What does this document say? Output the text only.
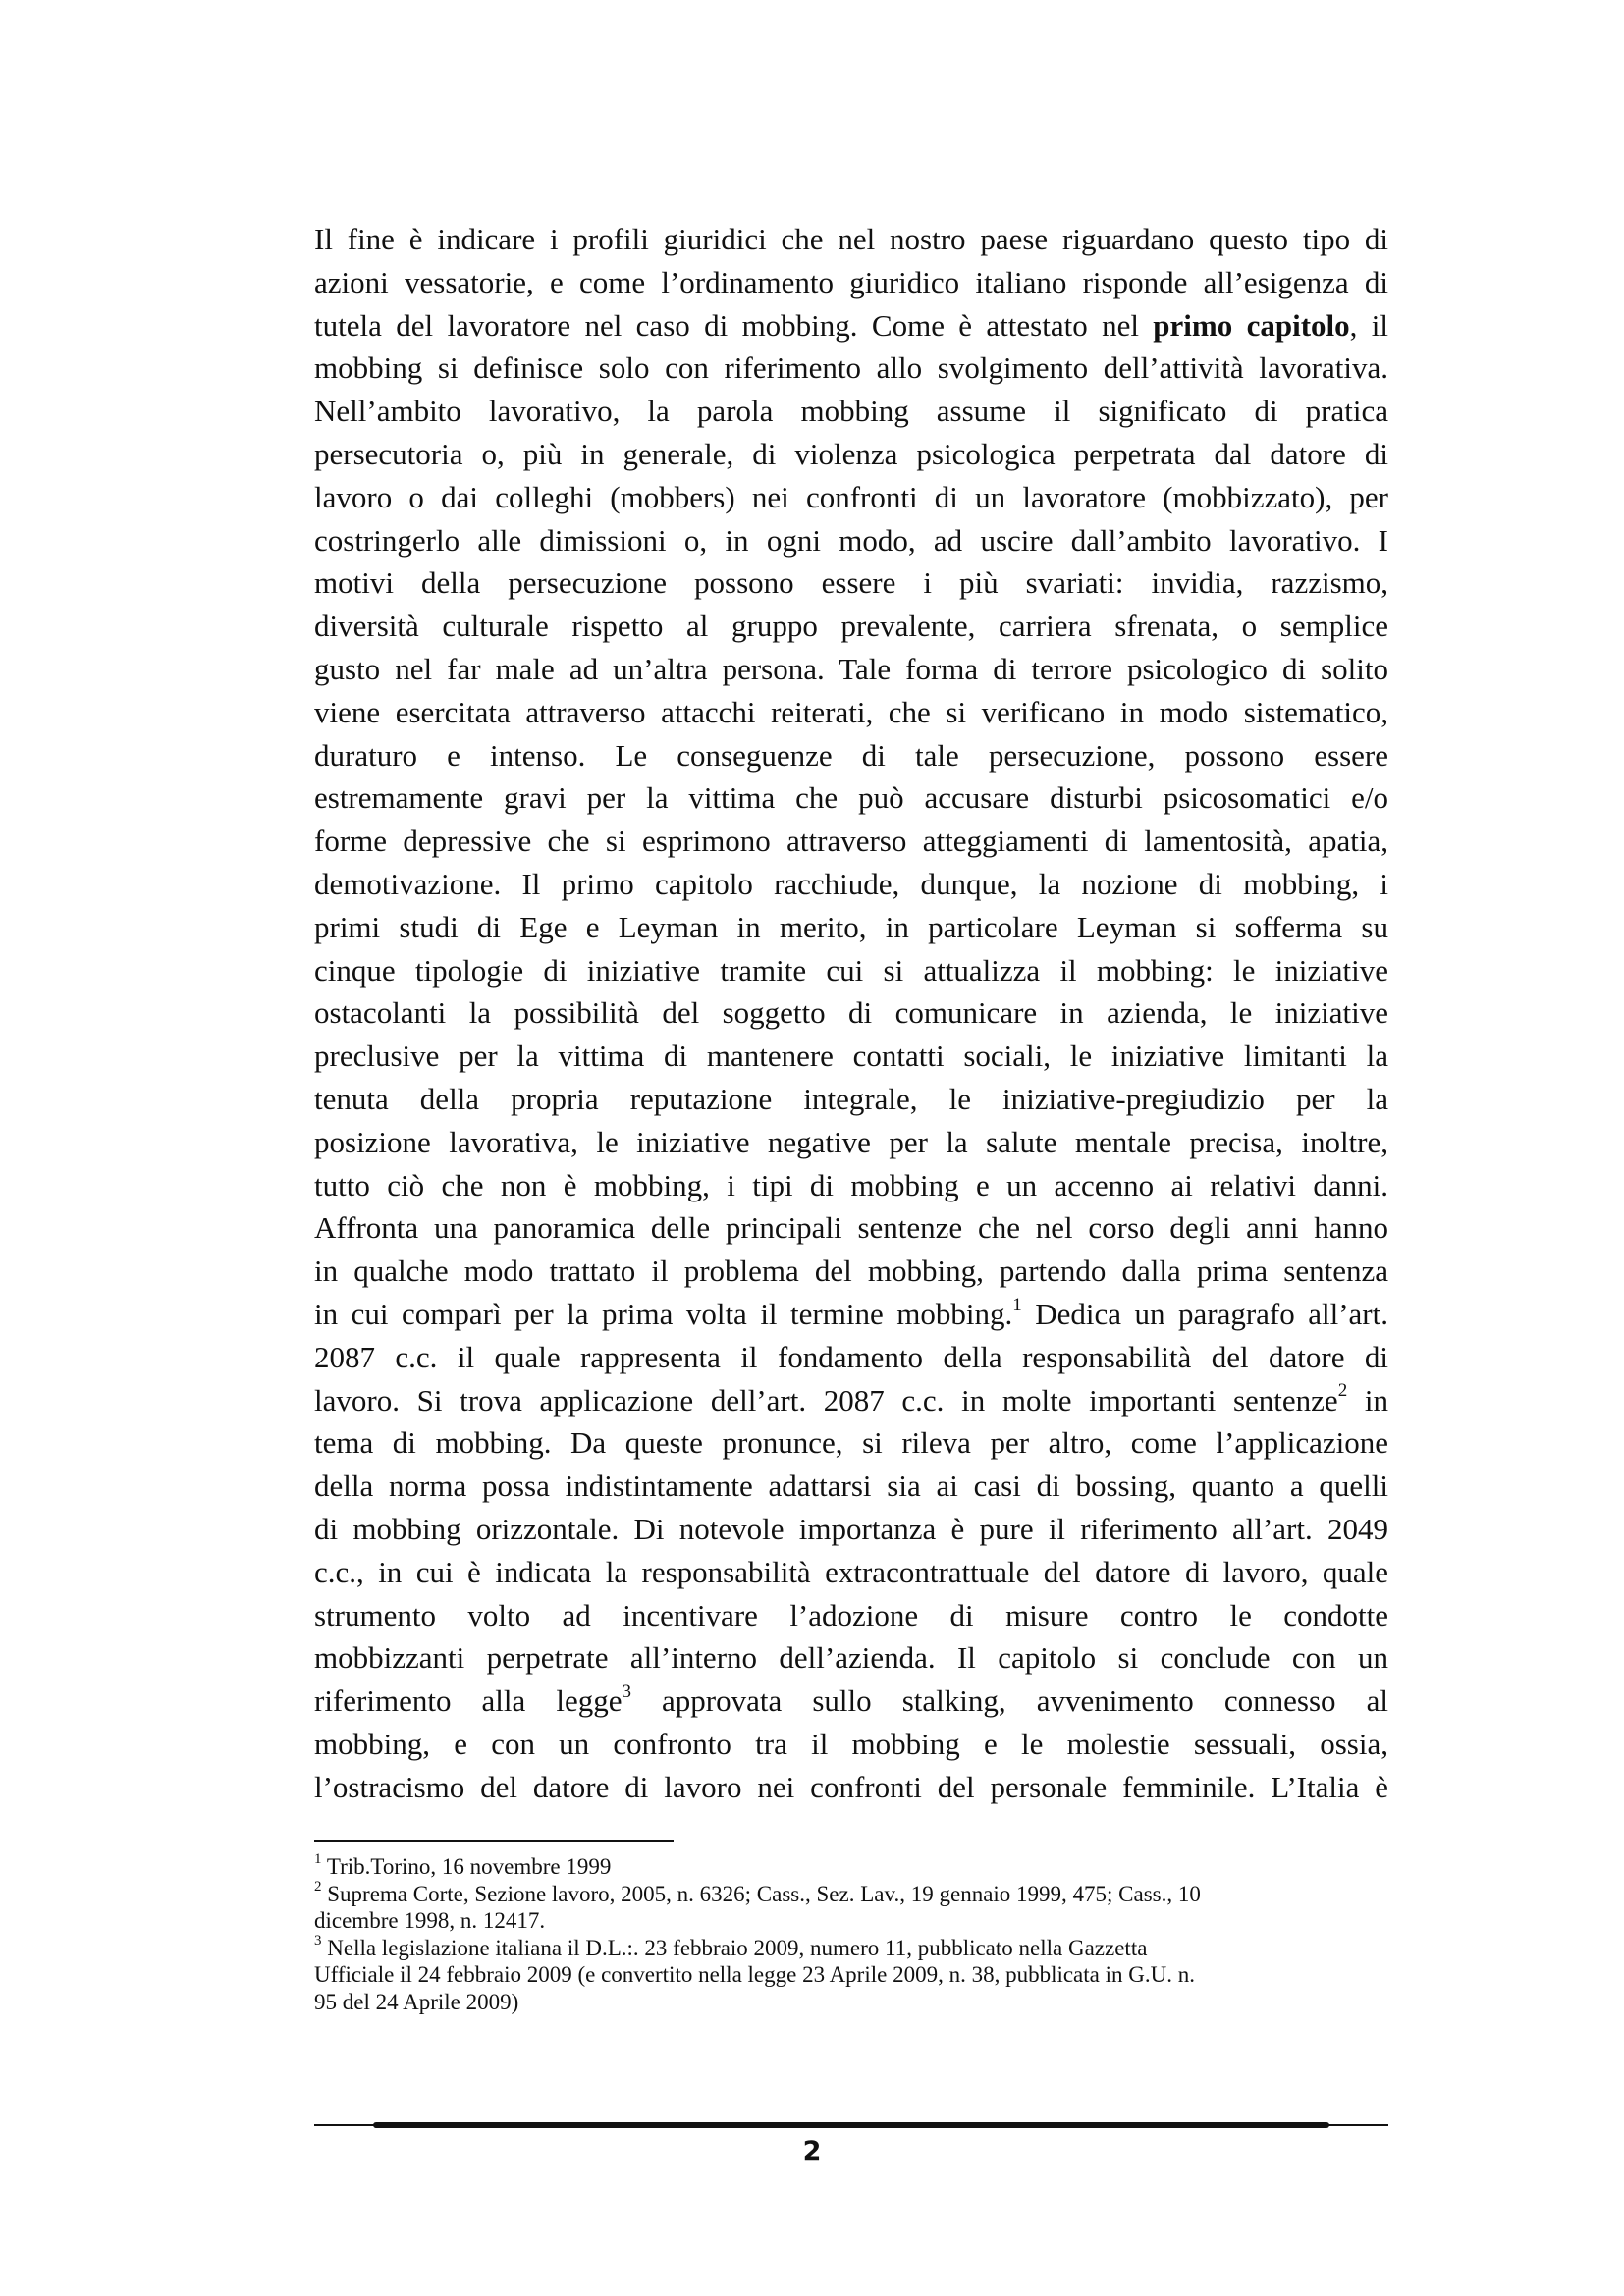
Il fine è indicare i profili giuridici che nel nostro paese riguardano questo tipo di
azioni vessatorie, e come l’ordinamento giuridico italiano risponde all’esigenza di
tutela del lavoratore nel caso di mobbing. Come è attestato nel primo capitolo, il
mobbing si definisce solo con riferimento allo svolgimento dell’attività lavorativa.
Nell’ambito lavorativo, la parola mobbing assume il significato di pratica
persecutoria o, più in generale, di violenza psicologica perpetrata dal datore di
lavoro o dai colleghi (mobbers) nei confronti di un lavoratore (mobbizzato), per
costringerlo alle dimissioni o, in ogni modo, ad uscire dall’ambito lavorativo. I
motivi della persecuzione possono essere i più svariati: invidia, razzismo,
diversità culturale rispetto al gruppo prevalente, carriera sfrenata, o semplice
gusto nel far male ad un’altra persona. Tale forma di terrore psicologico di solito
viene esercitata attraverso attacchi reiterati, che si verificano in modo sistematico,
duraturo e intenso. Le conseguenze di tale persecuzione, possono essere
estremamente gravi per la vittima che può accusare disturbi psicosomatici e/o
forme depressive che si esprimono attraverso atteggiamenti di lamentosità, apatia,
demotivazione. Il primo capitolo racchiude, dunque, la nozione di mobbing, i
primi studi di Ege e Leyman in merito, in particolare Leyman si sofferma su
cinque tipologie di iniziative tramite cui si attualizza il mobbing: le iniziative
ostacolanti la possibilità del soggetto di comunicare in azienda, le iniziative
preclusive per la vittima di mantenere contatti sociali, le iniziative limitanti la
tenuta della propria reputazione integrale, le iniziative-pregiudizio per la
posizione lavorativa, le iniziative negative per la salute mentale precisa, inoltre,
tutto ciò che non è mobbing, i tipi di mobbing e un accenno ai relativi danni.
Affronta una panoramica delle principali sentenze che nel corso degli anni hanno
in qualche modo trattato il problema del mobbing, partendo dalla prima sentenza
in cui comparì per la prima volta il termine mobbing.$^1$ Dedica un paragrafo all’art.
2087 c.c. il quale rappresenta il fondamento della responsabilità del datore di
lavoro. Si trova applicazione dell’art. 2087 c.c. in molte importanti sentenze$^2$ in
tema di mobbing. Da queste pronunce, si rileva per altro, come l’applicazione
della norma possa indistintamente adattarsi sia ai casi di bossing, quanto a quelli
di mobbing orizzontale. Di notevole importanza è pure il riferimento all’art. 2049
c.c., in cui è indicata la responsabilità extracontrattuale del datore di lavoro, quale
strumento volto ad incentivare l’adozione di misure contro le condotte
mobbizzanti perpetrate all’interno dell’azienda. Il capitolo si conclude con un
riferimento alla legge$^3$ approvata sullo stalking, avvenimento connesso al
mobbing, e con un confronto tra il mobbing e le molestie sessuali, ossia,
l’ostracismo del datore di lavoro nei confronti del personale femminile. L’Italia è
$^1$ Trib.Torino, 16 novembre 1999
$^2$ Suprema Corte, Sezione lavoro, 2005, n. 6326; Cass., Sez. Lav., 19 gennaio 1999, 475; Cass., 10
dicembre 1998, n. 12417.
$^3$ Nella legislazione italiana il D.L.:. 23 febbraio 2009, numero 11, pubblicato nella Gazzetta
Ufficiale il 24 febbraio 2009 (e convertito nella legge 23 Aprile 2009, n. 38, pubblicata in G.U. n.
95 del 24 Aprile 2009)
2
